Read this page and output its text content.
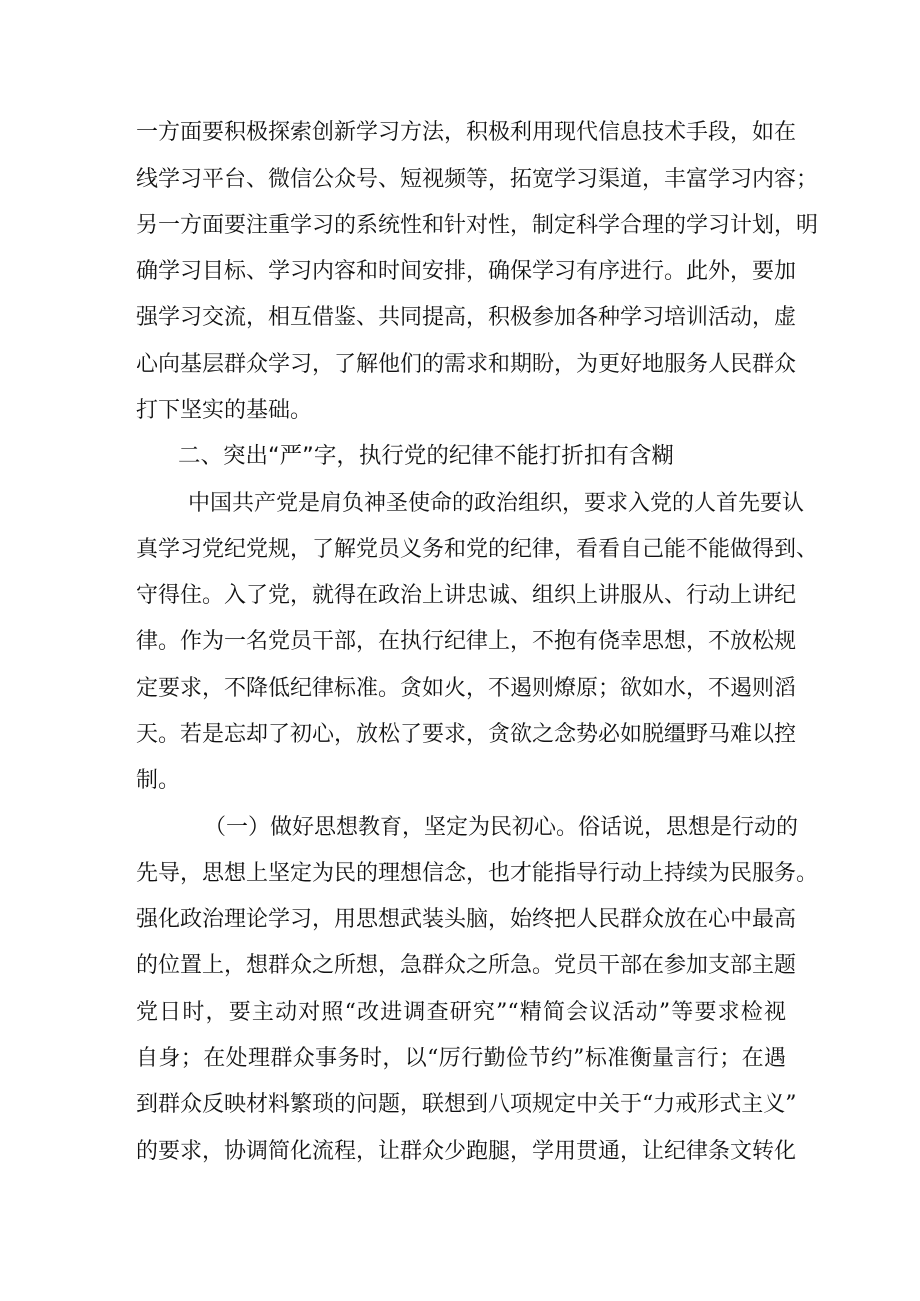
一方面要积极探索创新学习方法，积极利用现代信息技术手段，如在
线学习平台、微信公众号、短视频等，拓宽学习渠道，丰富学习内容；
另一方面要注重学习的系统性和针对性，制定科学合理的学习计划，明
确学习目标、学习内容和时间安排，确保学习有序进行。此外，要加
强学习交流，相互借鉴、共同提高，积极参加各种学习培训活动，虚
心向基层群众学习，了解他们的需求和期盼，为更好地服务人民群众
打下坚实的基础。
二、突出“严”字，执行党的纪律不能打折扣有含糊
中国共产党是肩负神圣使命的政治组织，要求入党的人首先要认
真学习党纪党规，了解党员义务和党的纪律，看看自己能不能做得到、
守得住。入了党，就得在政治上讲忠诚、组织上讲服从、行动上讲纪
律。作为一名党员干部，在执行纪律上，不抱有侥幸思想，不放松规
定要求，不降低纪律标准。贪如火，不遏则燎原；欲如水，不遏则滔
天。若是忘却了初心，放松了要求，贪欲之念势必如脱缰野马难以控
制。
（一）做好思想教育，坚定为民初心。俗话说，思想是行动的
先导，思想上坚定为民的理想信念，也才能指导行动上持续为民服务。
强化政治理论学习，用思想武装头脑，始终把人民群众放在心中最高
的位置上，想群众之所想，急群众之所急。党员干部在参加支部主题
党日时，要主动对照“改进调查研究”“精简会议活动”等要求检视
自身；在处理群众事务时，以“厉行勤俭节约”标准衡量言行；在遇
到群众反映材料繁琐的问题，联想到八项规定中关于“力戒形式主义”
的要求，协调简化流程，让群众少跑腿，学用贯通，让纪律条文转化
